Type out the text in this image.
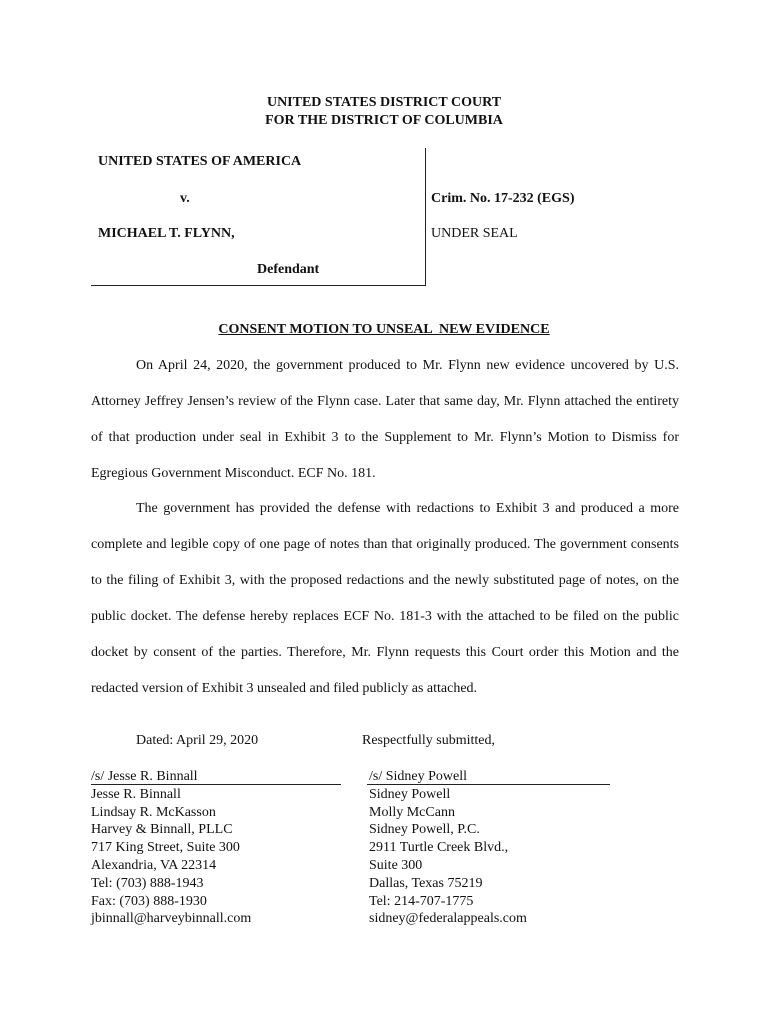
UNITED STATES DISTRICT COURT
FOR THE DISTRICT OF COLUMBIA
UNITED STATES OF AMERICA
v.
MICHAEL T. FLYNN,
Defendant
Crim. No. 17-232 (EGS)
UNDER SEAL
CONSENT MOTION TO UNSEAL  NEW EVIDENCE
On April 24, 2020, the government produced to Mr. Flynn new evidence uncovered by U.S. Attorney Jeffrey Jensen’s review of the Flynn case. Later that same day, Mr. Flynn attached the entirety of that production under seal in Exhibit 3 to the Supplement to Mr. Flynn’s Motion to Dismiss for Egregious Government Misconduct. ECF No. 181.
The government has provided the defense with redactions to Exhibit 3 and produced a more complete and legible copy of one page of notes than that originally produced. The government consents to the filing of Exhibit 3, with the proposed redactions and the newly substituted page of notes, on the public docket. The defense hereby replaces ECF No. 181-3 with the attached to be filed on the public docket by consent of the parties. Therefore, Mr. Flynn requests this Court order this Motion and the redacted version of Exhibit 3 unsealed and filed publicly as attached.
Dated: April 29, 2020	Respectfully submitted,
/s/ Jesse R. Binnall
Jesse R. Binnall
Lindsay R. McKasson
Harvey & Binnall, PLLC
717 King Street, Suite 300
Alexandria, VA 22314
Tel: (703) 888-1943
Fax: (703) 888-1930
jbinnall@harveybinnall.com
/s/ Sidney Powell
Sidney Powell
Molly McCann
Sidney Powell, P.C.
2911 Turtle Creek Blvd.,
Suite 300
Dallas, Texas 75219
Tel: 214-707-1775
sidney@federalappeals.com
